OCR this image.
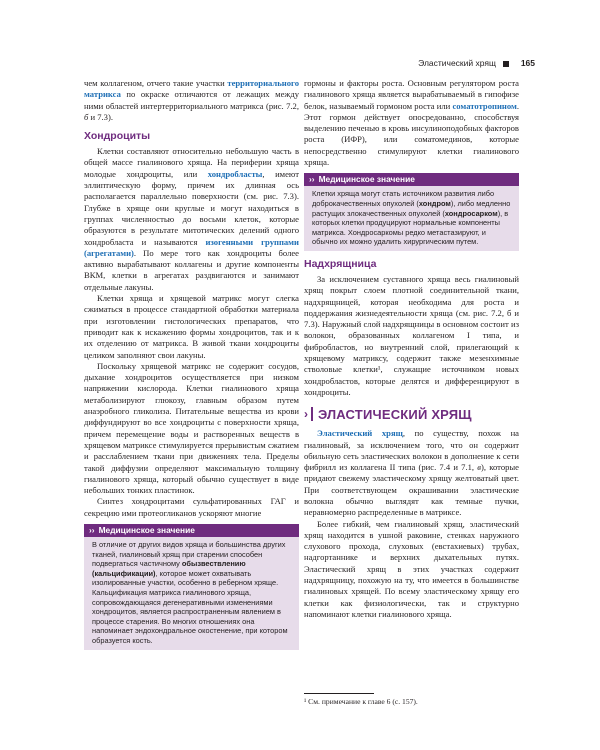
Эластический хрящ	165

чем коллагеном, отчего такие участки территориального матрикса по окраске отличаются от лежащих между ними областей интертерриториального матрикса (рис. 7.2, б и 7.3).

Хондроциты

Клетки составляют относительно небольшую часть в общей массе гиалинового хряща. На периферии хряща молодые хондроциты, или хондробласты, имеют эллиптическую форму, причем их длинная ось располагается параллельно поверхности (см. рис. 7.3). Глубже в хряще они круглые и могут находиться в группах численностью до восьми клеток, которые образуются в результате митотических делений одного хондробласта и называются изогенными группами (агрегатами). По мере того как хондроциты более активно вырабатывают коллагены и другие компоненты ВКМ, клетки в агрегатах раздвигаются и занимают отдельные лакуны.

Клетки хряща и хрящевой матрикс могут слегка сжиматься в процессе стандартной обработки материала при изготовлении гистологических препаратов, что приводит как к искажению формы хондроцитов, так и к их отделению от матрикса. В живой ткани хондроциты целиком заполняют свои лакуны.

Поскольку хрящевой матрикс не содержит сосудов, дыхание хондроцитов осуществляется при низком напряжении кислорода. Клетки гиалинового хряща метаболизируют глюкозу, главным образом путем анаэробного гликолиза. Питательные вещества из крови диффундируют во все хондроциты с поверхности хряща, причем перемещение воды и растворенных веществ в хрящевом матриксе стимулируется прерывистым сжатием и расслаблением ткани при движениях тела. Пределы такой диффузии определяют максимальную толщину гиалинового хряща, который обычно существует в виде небольших тонких пластинок.

Синтез хондроцитами сульфатированных ГАГ и секрецию ими протеогликанов ускоряют многие

›› Медицинское значение
В отличие от других видов хряща и большинства других тканей, гиалиновый хрящ при старении способен подвергаться частичному обызвествлению (кальцификации), которое может охватывать изолированные участки, особенно в реберном хряще. Кальцификация матрикса гиалинового хряща, сопровождающаяся дегенеративными изменениями хондроцитов, является распространенным явлением в процессе старения. Во многих отношениях она напоминает эндохондральное окостенение, при котором образуется кость.

гормоны и факторы роста. Основным регулятором роста гиалинового хряща является вырабатываемый в гипофизе белок, называемый гормоном роста или соматотропином. Этот гормон действует опосредованно, способствуя выделению печенью в кровь инсулиноподобных факторов роста (ИФР), или соматомединов, которые непосредственно стимулируют клетки гиалинового хряща.

›› Медицинское значение
Клетки хряща могут стать источником развития либо доброкачественных опухолей (хондром), либо медленно растущих злокачественных опухолей (хондросарком), в которых клетки продуцируют нормальные компоненты матрикса. Хондросаркомы редко метастазируют, и обычно их можно удалить хирургическим путем.
Надхрящница

За исключением суставного хряща весь гиалиновый хрящ покрыт слоем плотной соединительной ткани, надхрящницей, которая необходима для роста и поддержания жизнедеятельности хряща (см. рис. 7.2, б и 7.3). Наружный слой надхрящницы в основном состоит из волокон, образованных коллагеном I типа, и фибробластов, но внутренний слой, прилегающий к хрящевому матриксу, содержит также мезенхимные стволовые клетки¹, служащие источником новых хондробластов, которые делятся и дифференцируют в хондроциты.

› ЭЛАСТИЧЕСКИЙ ХРЯЩ

Эластический хрящ, по существу, похож на гиалиновый, за исключением того, что он содержит обильную сеть эластических волокон в дополнение к сети фибрилл из коллагена II типа (рис. 7.4 и 7.1, в), которые придают свежему эластическому хрящу желтоватый цвет. При соответствующем окрашивании эластические волокна обычно выглядят как темные пучки, неравномерно распределенные в матриксе.

Более гибкий, чем гиалиновый хрящ, эластический хрящ находится в ушной раковине, стенках наружного слухового прохода, слуховых (евстахиевых) трубах, надгортаннике и верхних дыхательных путях. Эластический хрящ в этих участках содержит надхрящницу, похожую на ту, что имеется в большинстве гиалиновых хрящей. По всему эластическому хрящу его клетки как физиологически, так и структурно напоминают клетки гиалинового хряща.

¹ См. примечание к главе 6 (с. 157).
